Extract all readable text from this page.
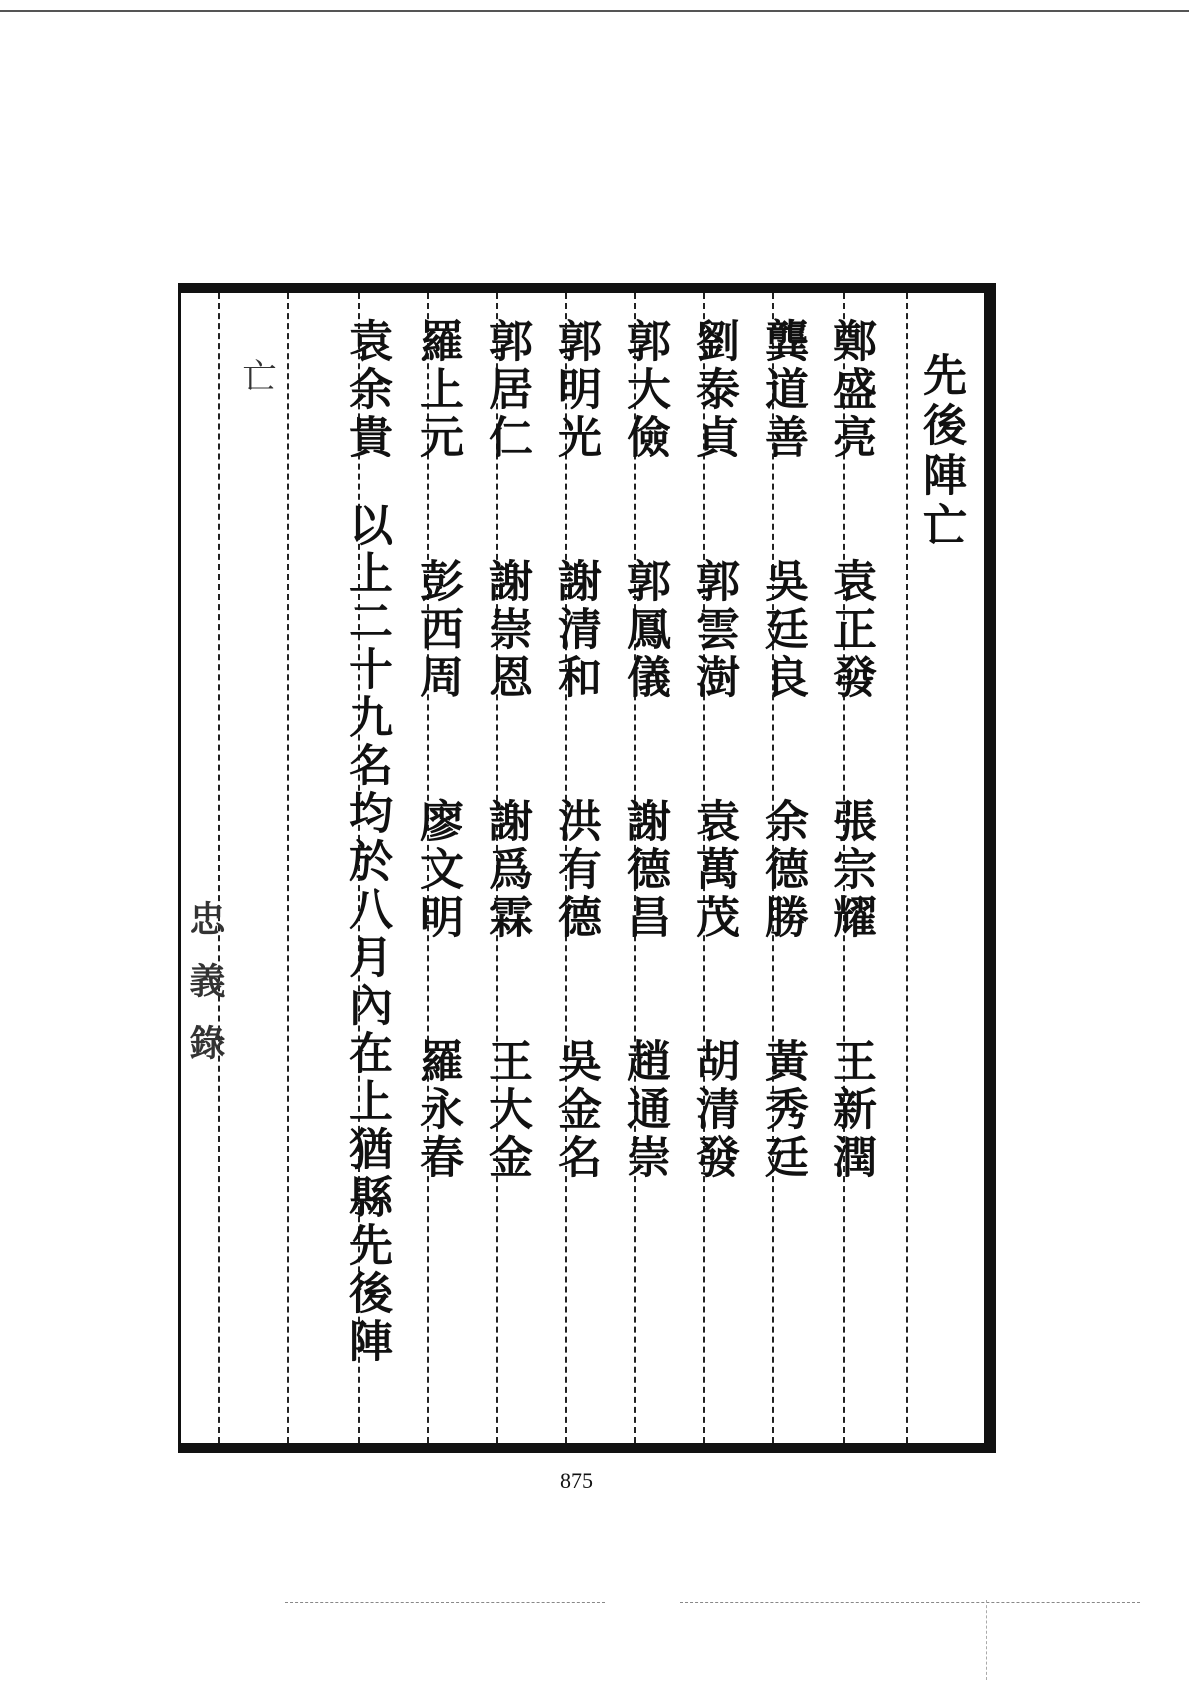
先後陣亡
鄭盛亮袁正發張宗耀王新潤
龔道善吳廷良余德勝黃秀廷
劉泰貞郭雲澍袁萬茂胡清發
郭大儉郭鳳儀謝德昌趙通崇
郭明光謝清和洪有德吳金名
郭居仁謝崇恩謝爲霖王大金
羅上元彭西周廖文明羅永春
袁余貴以上二十九名均於八月內在上猶縣先後陣
亡
忠義錄
875
